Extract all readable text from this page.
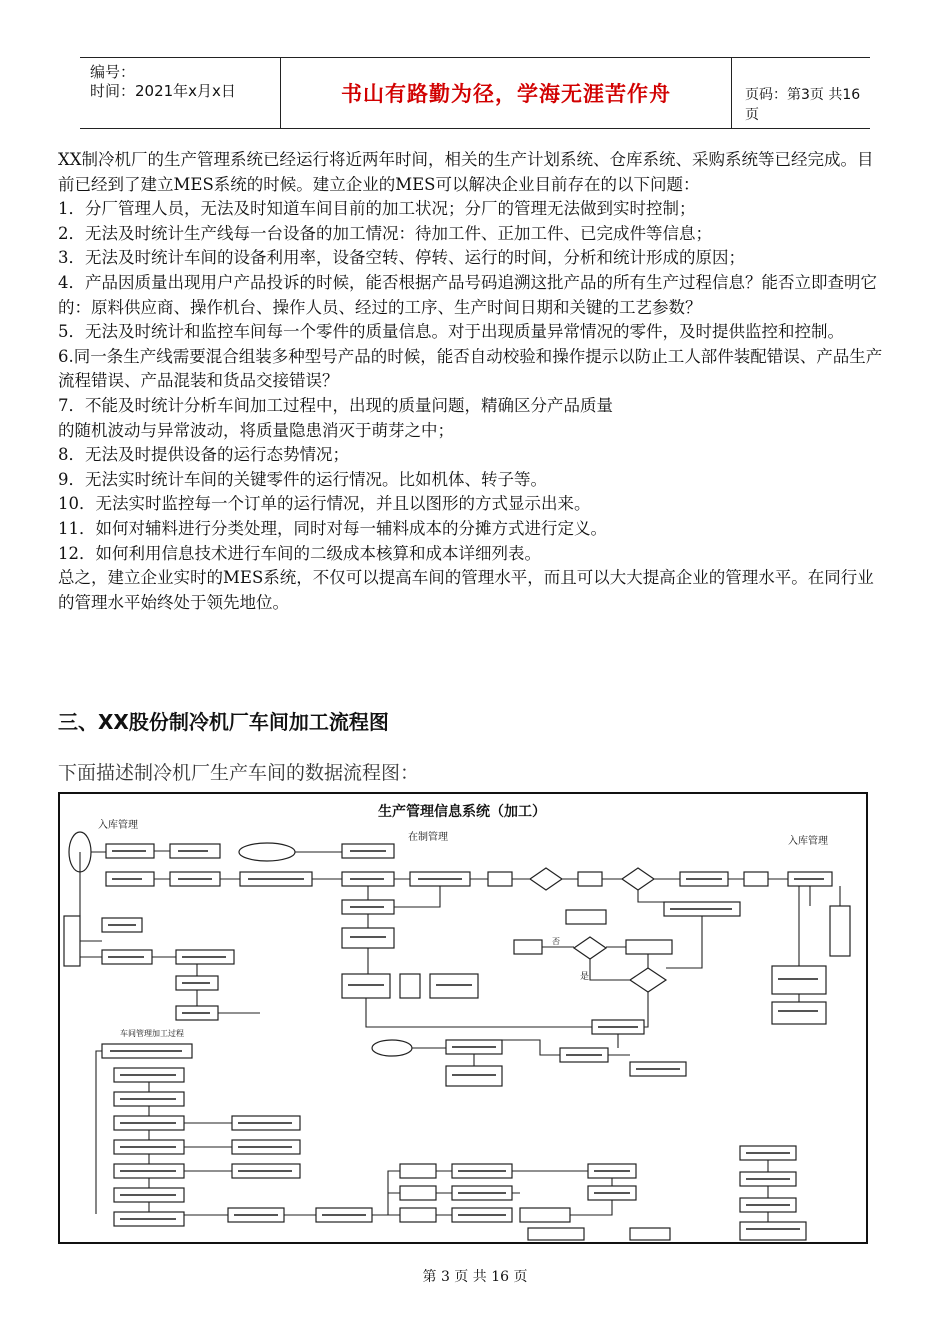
编号：
时间：2021年x月x日	书山有路勤为径，学海无涯苦作舟	页码：第3页 共16页

XX制冷机厂的生产管理系统已经运行将近两年时间，相关的生产计划系统、仓库系统、采购系统等已经完成。目前已经到了建立MES系统的时候。建立企业的MES可以解决企业目前存在的以下问题：

1．分厂管理人员，无法及时知道车间目前的加工状况；分厂的管理无法做到实时控制；

2．无法及时统计生产线每一台设备的加工情况：待加工件、正加工件、已完成件等信息；

3．无法及时统计车间的设备利用率，设备空转、停转、运行的时间，分析和统计形成的原因；

4．产品因质量出现用户产品投诉的时候，能否根据产品号码追溯这批产品的所有生产过程信息？能否立即查明它的：原料供应商、操作机台、操作人员、经过的工序、生产时间日期和关键的工艺参数？

5．无法及时统计和监控车间每一个零件的质量信息。对于出现质量异常情况的零件，及时提供监控和控制。

6.同一条生产线需要混合组装多种型号产品的时候，能否自动校验和操作提示以防止工人部件装配错误、产品生产流程错误、产品混装和货品交接错误？

7．不能及时统计分析车间加工过程中，出现的质量问题，精确区分产品质量

的随机波动与异常波动，将质量隐患消灭于萌芽之中；

8．无法及时提供设备的运行态势情况；

9．无法实时统计车间的关键零件的运行情况。比如机体、转子等。

10．无法实时监控每一个订单的运行情况，并且以图形的方式显示出来。

11．如何对辅料进行分类处理，同时对每一辅料成本的分摊方式进行定义。

12．如何利用信息技术进行车间的二级成本核算和成本详细列表。

总之，建立企业实时的MES系统，不仅可以提高车间的管理水平，而且可以大大提高企业的管理水平。在同行业的管理水平始终处于领先地位。

三、XX股份制冷机厂车间加工流程图
下面描述制冷机厂生产车间的数据流程图：
生产管理信息系统（加工）
入库管理
在制管理	入库管理
车间管理加工过程
是
否
第 3 页 共 16 页
